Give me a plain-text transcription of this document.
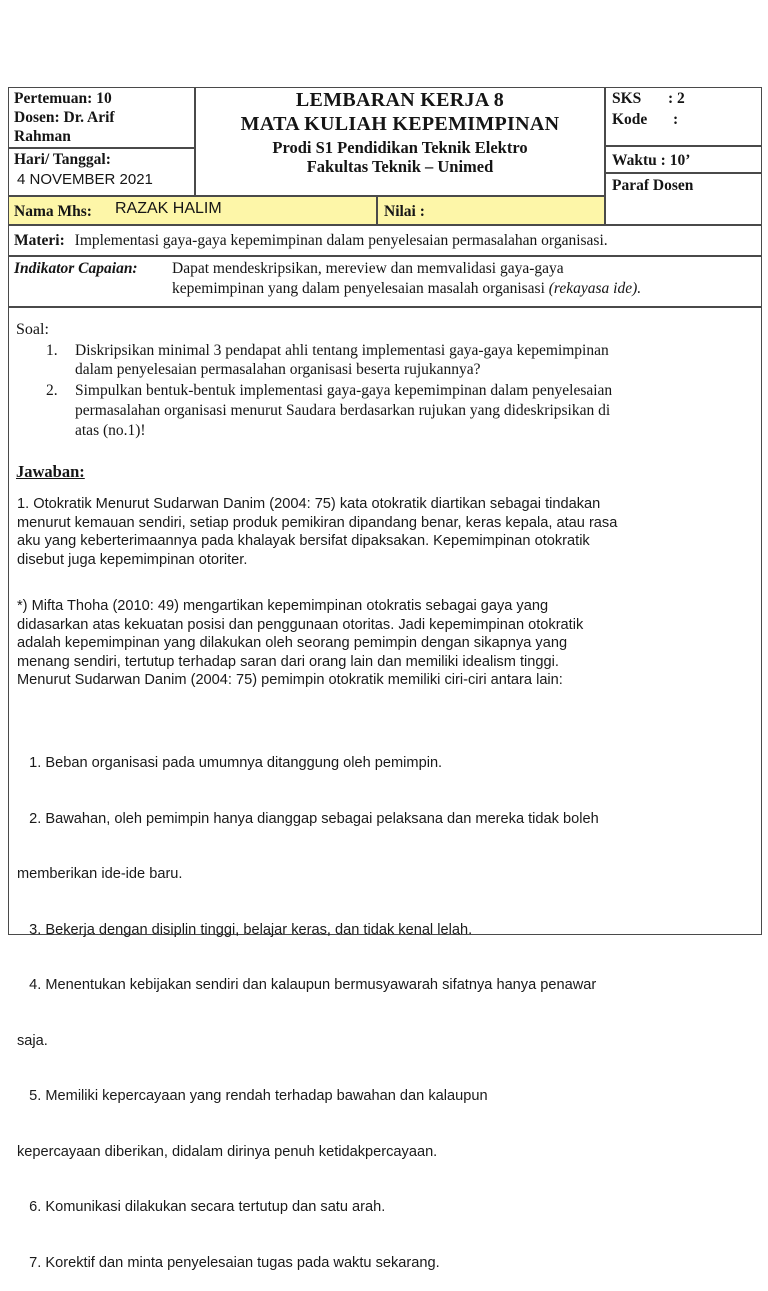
Pertemuan: 10
Dosen: Dr. Arif
Rahman
Hari/ Tanggal:
4 NOVEMBER 2021
LEMBARAN KERJA 8
MATA KULIAH KEPEMIMPINAN
Prodi S1 Pendidikan Teknik Elektro
Fakultas Teknik – Unimed
SKS : 2
Kode :
Waktu : 10’
Paraf Dosen
Nama Mhs: RAZAK HALIM	Nilai :
Materi: Implementasi gaya-gaya kepemimpinan dalam penyelesaian permasalahan organisasi.
Indikator Capaian: Dapat mendeskripsikan, mereview dan memvalidasi gaya-gaya
kepemimpinan yang dalam penyelesaian masalah organisasi (rekayasa ide).
Soal:
1. Diskripsikan minimal 3 pendapat ahli tentang implementasi gaya-gaya kepemimpinan
dalam penyelesaian permasalahan organisasi beserta rujukannya?
2. Simpulkan bentuk-bentuk implementasi gaya-gaya kepemimpinan dalam penyelesaian
permasalahan organisasi menurut Saudara berdasarkan rujukan yang dideskripsikan di
atas (no.1)!
Jawaban:

1. Otokratik Menurut Sudarwan Danim (2004: 75) kata otokratik diartikan sebagai tindakan

menurut kemauan sendiri, setiap produk pemikiran dipandang benar, keras kepala, atau rasa

aku yang keberterimaannya pada khalayak bersifat dipaksakan. Kepemimpinan otokratik

disebut juga kepemimpinan otoriter.

*) Mifta Thoha (2010: 49) mengartikan kepemimpinan otokratis sebagai gaya yang

didasarkan atas kekuatan posisi dan penggunaan otoritas. Jadi kepemimpinan otokratik

adalah kepemimpinan yang dilakukan oleh seorang pemimpin dengan sikapnya yang

menang sendiri, tertutup terhadap saran dari orang lain dan memiliki idealism tinggi.

Menurut Sudarwan Danim (2004: 75) pemimpin otokratik memiliki ciri-ciri antara lain:

1. Beban organisasi pada umumnya ditanggung oleh pemimpin.

2. Bawahan, oleh pemimpin hanya dianggap sebagai pelaksana dan mereka tidak boleh

memberikan ide-ide baru.

3. Bekerja dengan disiplin tinggi, belajar keras, dan tidak kenal lelah.

4. Menentukan kebijakan sendiri dan kalaupun bermusyawarah sifatnya hanya penawar

saja.

5. Memiliki kepercayaan yang rendah terhadap bawahan dan kalaupun

kepercayaan diberikan, didalam dirinya penuh ketidakpercayaan.

6. Komunikasi dilakukan secara tertutup dan satu arah.

7. Korektif dan minta penyelesaian tugas pada waktu sekarang.
